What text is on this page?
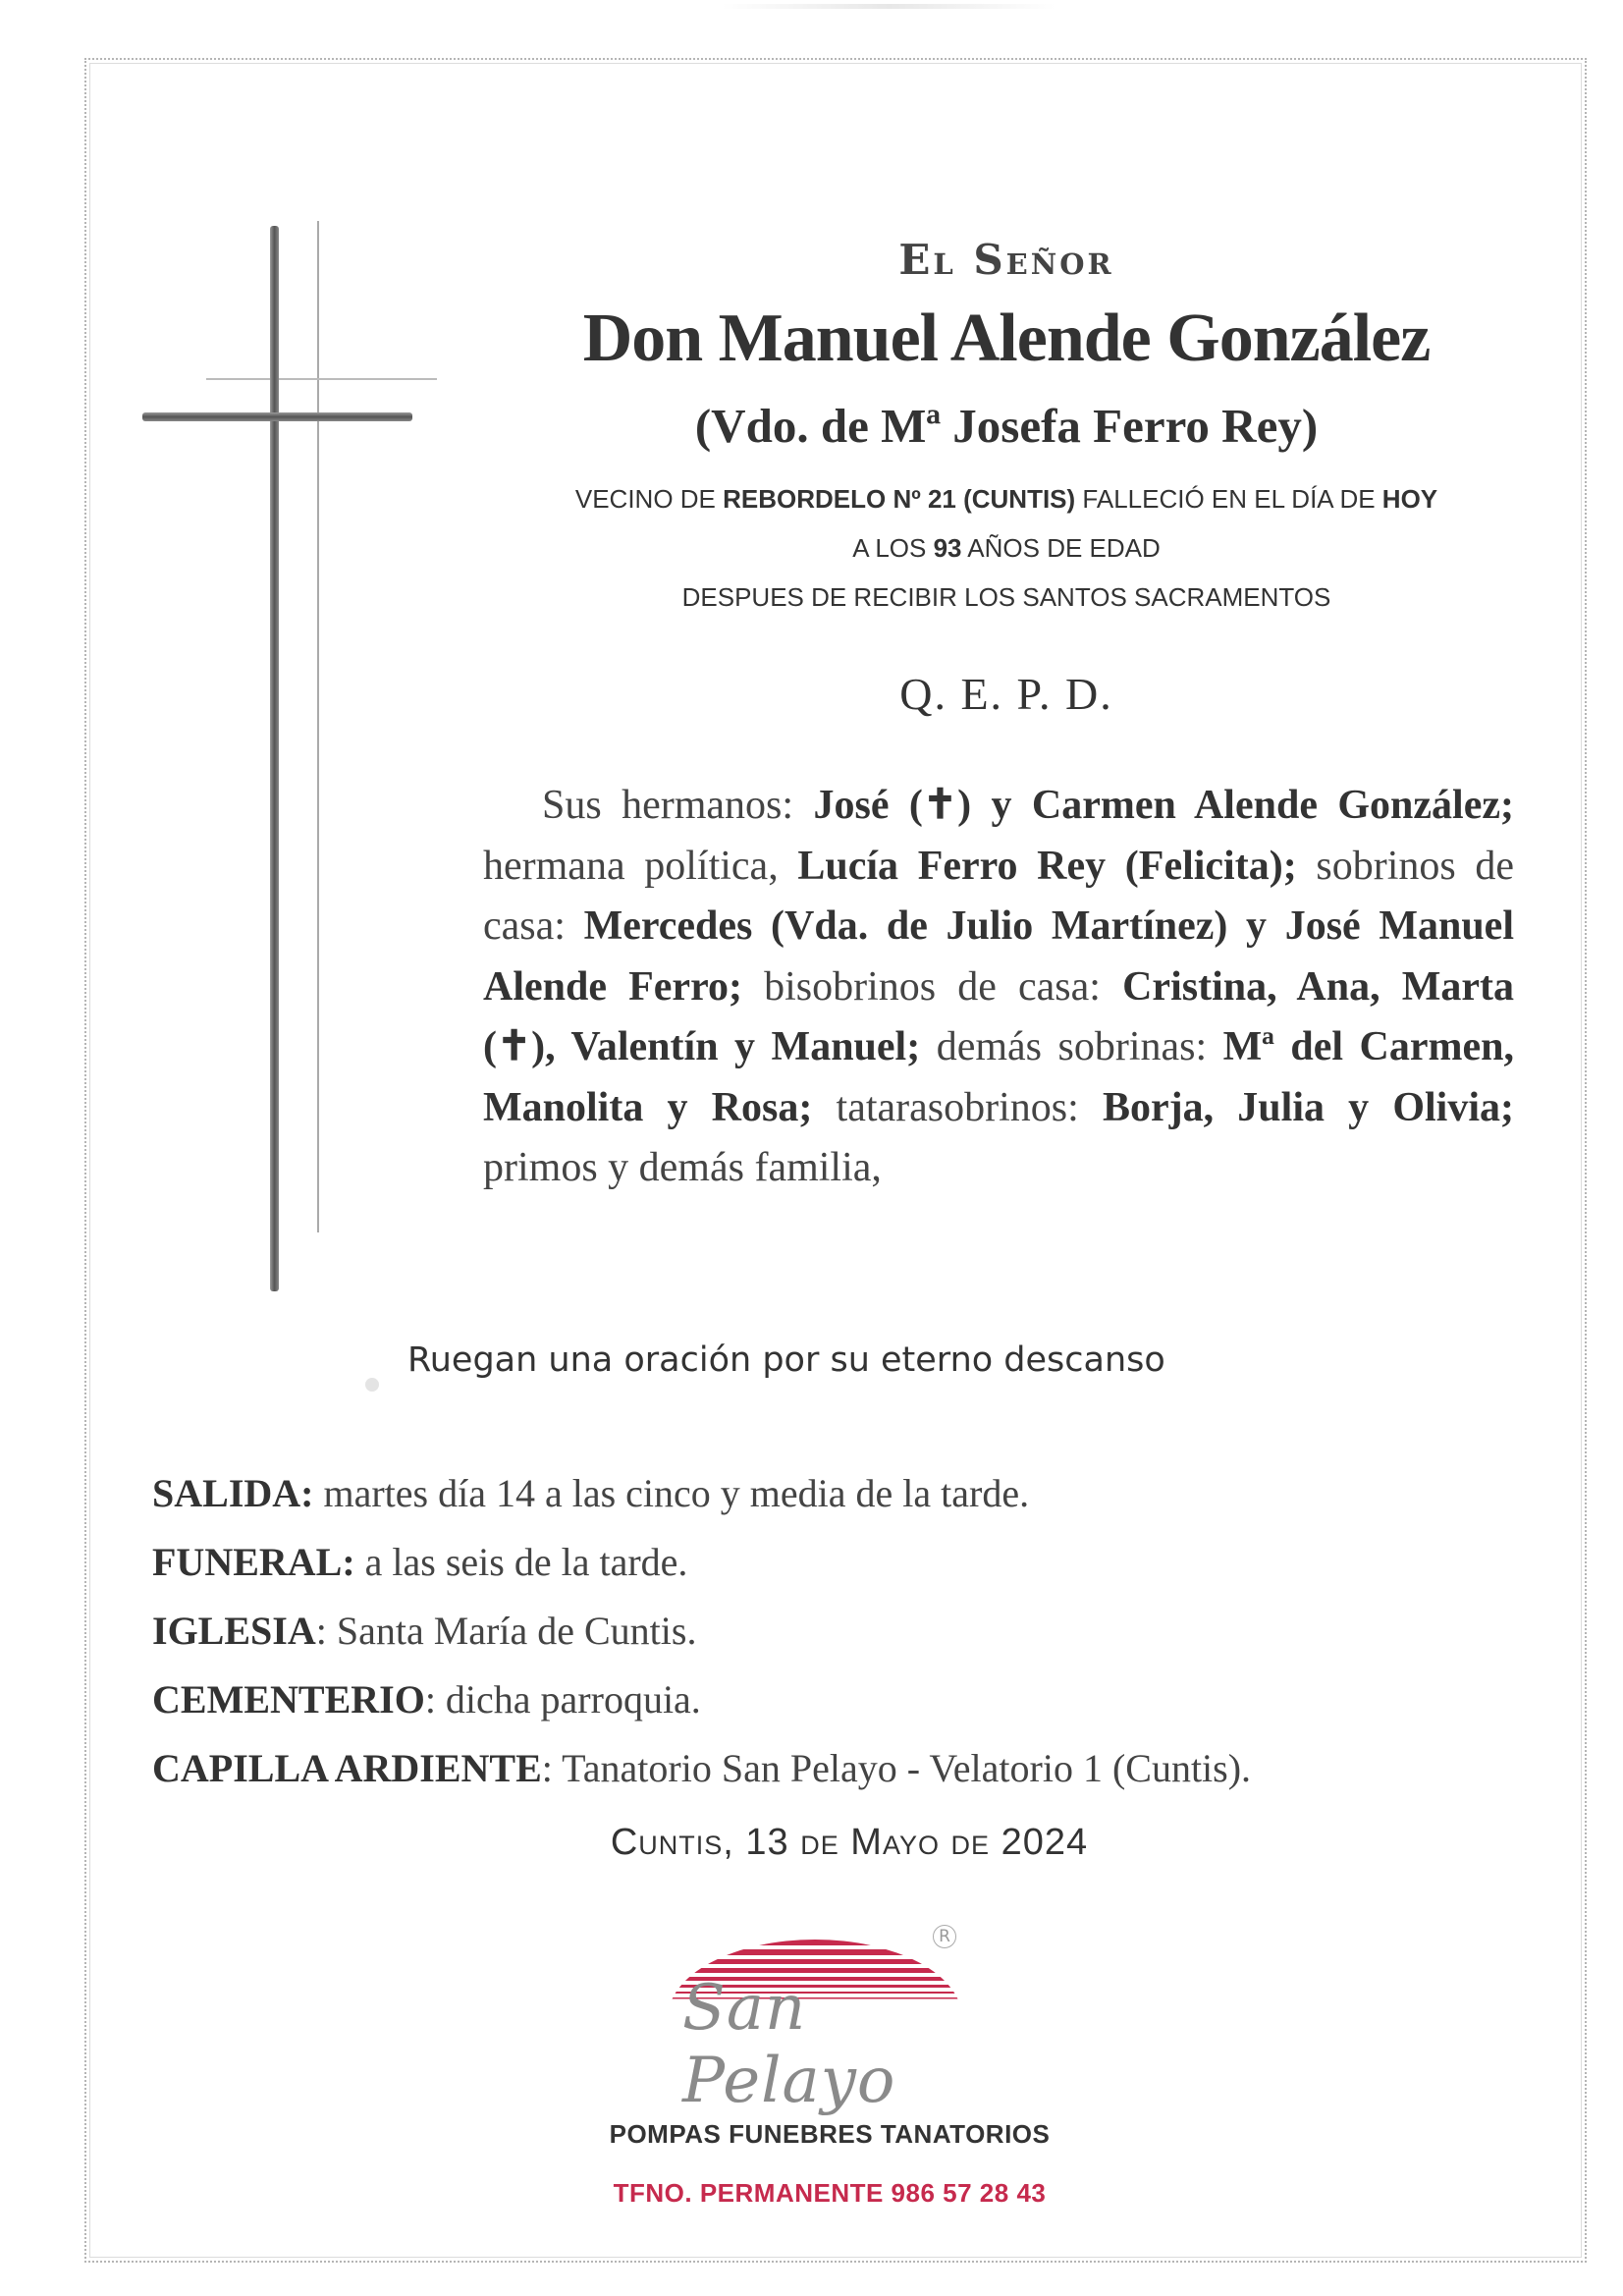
El Señor
Don Manuel Alende González
(Vdo. de Mª Josefa Ferro Rey)
VECINO DE REBORDELO Nº 21 (CUNTIS) FALLECIÓ EN EL DÍA DE HOY
A LOS 93 AÑOS DE EDAD
DESPUES DE RECIBIR LOS SANTOS SACRAMENTOS
Q. E. P. D.
Sus hermanos: José (✝) y Carmen Alende González; hermana política, Lucía Ferro Rey (Felicita); sobrinos de casa: Mercedes (Vda. de Julio Martínez) y José Manuel Alende Ferro; bisobrinos de casa: Cristina, Ana, Marta (✝), Valentín y Manuel; demás sobrinas: Mª del Carmen, Manolita y Rosa; tatarasobrinos: Borja, Julia y Olivia; primos y demás familia,
Ruegan una oración por su eterno descanso
SALIDA: martes día 14 a las cinco y media de la tarde.
FUNERAL: a las seis de la tarde.
IGLESIA: Santa María de Cuntis.
CEMENTERIO: dicha parroquia.
CAPILLA ARDIENTE: Tanatorio San Pelayo - Velatorio 1 (Cuntis).
Cuntis, 13 de Mayo de 2024
R
San Pelayo
POMPAS FUNEBRES TANATORIOS
TFNO. PERMANENTE 986 57 28 43
